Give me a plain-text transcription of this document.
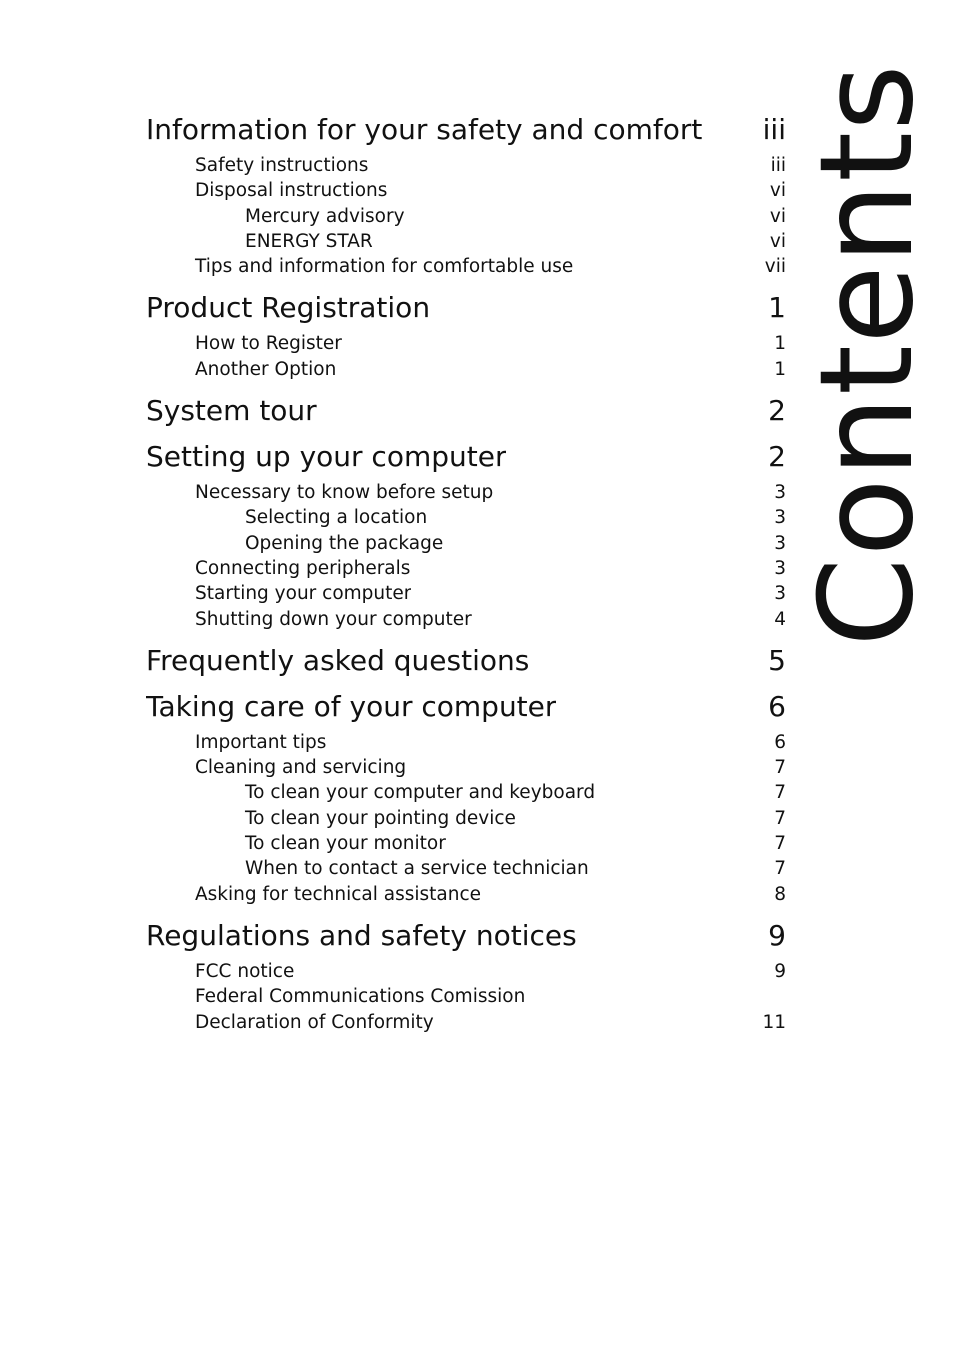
Information for your safety and comfort iii
Safety instructions	iii
Disposal instructions	vi
Mercury advisory	vi
ENERGY STAR	vi
Tips and information for comfortable use	vii
Product Registration	1
How to Register	1
Another Option	1
System tour	2
Setting up your computer	2
Necessary to know before setup	3
Selecting a location	3
Opening the package	3
Connecting peripherals	3
Starting your computer	3
Shutting down your computer	4
Frequently asked questions	5
Taking care of your computer	6
Important tips	6
Cleaning and servicing	7
To clean your computer and keyboard	7
To clean your pointing device	7
To clean your monitor	7
When to contact a service technician	7
Asking for technical assistance	8
Regulations and safety notices	9
FCC notice	9
Federal Communications Comission
Declaration of Conformity	11
Contents
